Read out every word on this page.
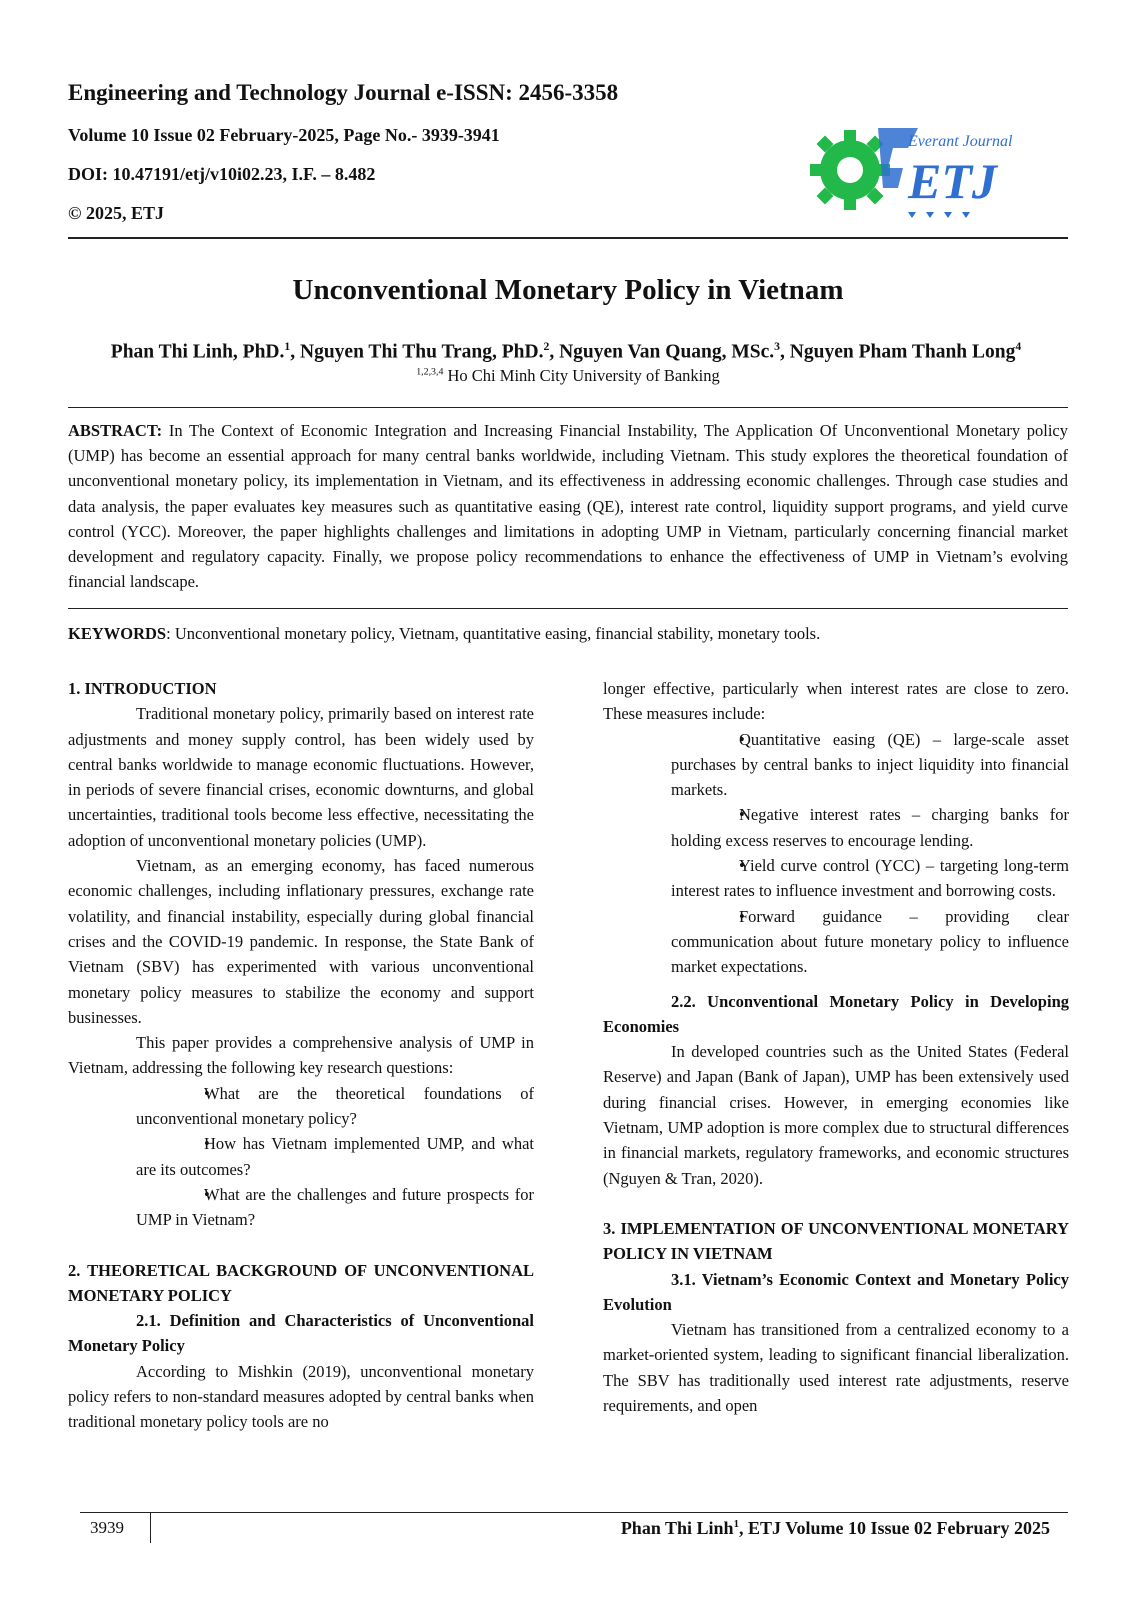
Engineering and Technology Journal e-ISSN: 2456-3358
Volume 10 Issue 02 February-2025, Page No.- 3939-3941
DOI: 10.47191/etj/v10i02.23, I.F. – 8.482
© 2025, ETJ
Everant Journal
ETJ
Unconventional Monetary Policy in Vietnam
Phan Thi Linh, PhD.$^1$, Nguyen Thi Thu Trang, PhD.$^2$, Nguyen Van Quang, MSc.$^3$, Nguyen Pham Thanh Long$^4$
$^{1,2,3,4}$ Ho Chi Minh City University of Banking
ABSTRACT: In The Context of Economic Integration and Increasing Financial Instability, The Application Of Unconventional Monetary policy (UMP) has become an essential approach for many central banks worldwide, including Vietnam. This study explores the theoretical foundation of unconventional monetary policy, its implementation in Vietnam, and its effectiveness in addressing economic challenges. Through case studies and data analysis, the paper evaluates key measures such as quantitative easing (QE), interest rate control, liquidity support programs, and yield curve control (YCC). Moreover, the paper highlights challenges and limitations in adopting UMP in Vietnam, particularly concerning financial market development and regulatory capacity. Finally, we propose policy recommendations to enhance the effectiveness of UMP in Vietnam’s evolving financial landscape.
KEYWORDS: Unconventional monetary policy, Vietnam, quantitative easing, financial stability, monetary tools.

1. INTRODUCTION

Traditional monetary policy, primarily based on interest rate adjustments and money supply control, has been widely used by central banks worldwide to manage economic fluctuations. However, in periods of severe financial crises, economic downturns, and global uncertainties, traditional tools become less effective, necessitating the adoption of unconventional monetary policies (UMP).

Vietnam, as an emerging economy, has faced numerous economic challenges, including inflationary pressures, exchange rate volatility, and financial instability, especially during global financial crises and the COVID-19 pandemic. In response, the State Bank of Vietnam (SBV) has experimented with various unconventional monetary policy measures to stabilize the economy and support businesses.

This paper provides a comprehensive analysis of UMP in Vietnam, addressing the following key research questions:

• What are the theoretical foundations of unconventional monetary policy?
• How has Vietnam implemented UMP, and what are its outcomes?
• What are the challenges and future prospects for UMP in Vietnam?

2. THEORETICAL BACKGROUND OF UNCONVENTIONAL MONETARY POLICY

2.1. Definition and Characteristics of Unconventional Monetary Policy

According to Mishkin (2019), unconventional monetary policy refers to non-standard measures adopted by central banks when traditional monetary policy tools are no

longer effective, particularly when interest rates are close to zero. These measures include:

• Quantitative easing (QE) – large-scale asset purchases by central banks to inject liquidity into financial markets.
• Negative interest rates – charging banks for holding excess reserves to encourage lending.
• Yield curve control (YCC) – targeting long-term interest rates to influence investment and borrowing costs.
• Forward guidance – providing clear communication about future monetary policy to influence market expectations.

2.2. Unconventional Monetary Policy in Developing Economies

In developed countries such as the United States (Federal Reserve) and Japan (Bank of Japan), UMP has been extensively used during financial crises. However, in emerging economies like Vietnam, UMP adoption is more complex due to structural differences in financial markets, regulatory frameworks, and economic structures (Nguyen & Tran, 2020).

3. IMPLEMENTATION OF UNCONVENTIONAL MONETARY POLICY IN VIETNAM

3.1. Vietnam’s Economic Context and Monetary Policy Evolution

Vietnam has transitioned from a centralized economy to a market-oriented system, leading to significant financial liberalization. The SBV has traditionally used interest rate adjustments, reserve requirements, and open

3939	Phan Thi Linh$^1$, ETJ Volume 10 Issue 02 February 2025
